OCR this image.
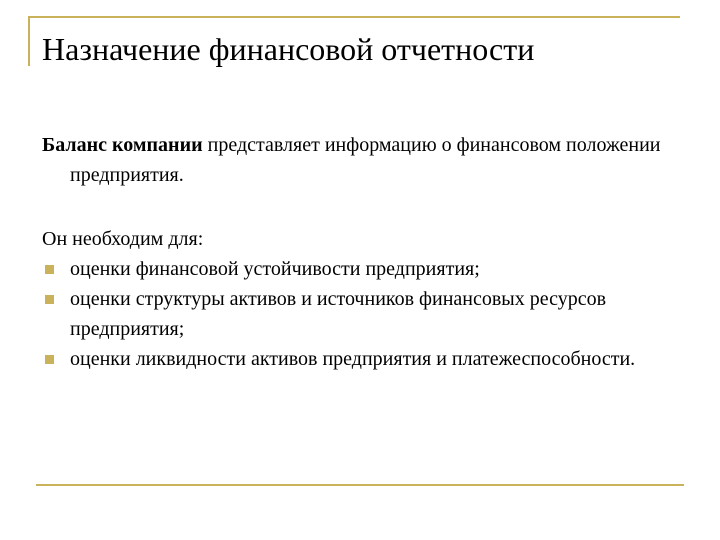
Назначение финансовой отчетности

Баланс компании представляет информацию о финансовом положении предприятия.

Он необходим для:

оценки финансовой устойчивости предприятия;
оценки структуры активов и источников финансовых ресурсов предприятия;
оценки ликвидности активов предприятия и платежеспособности.
